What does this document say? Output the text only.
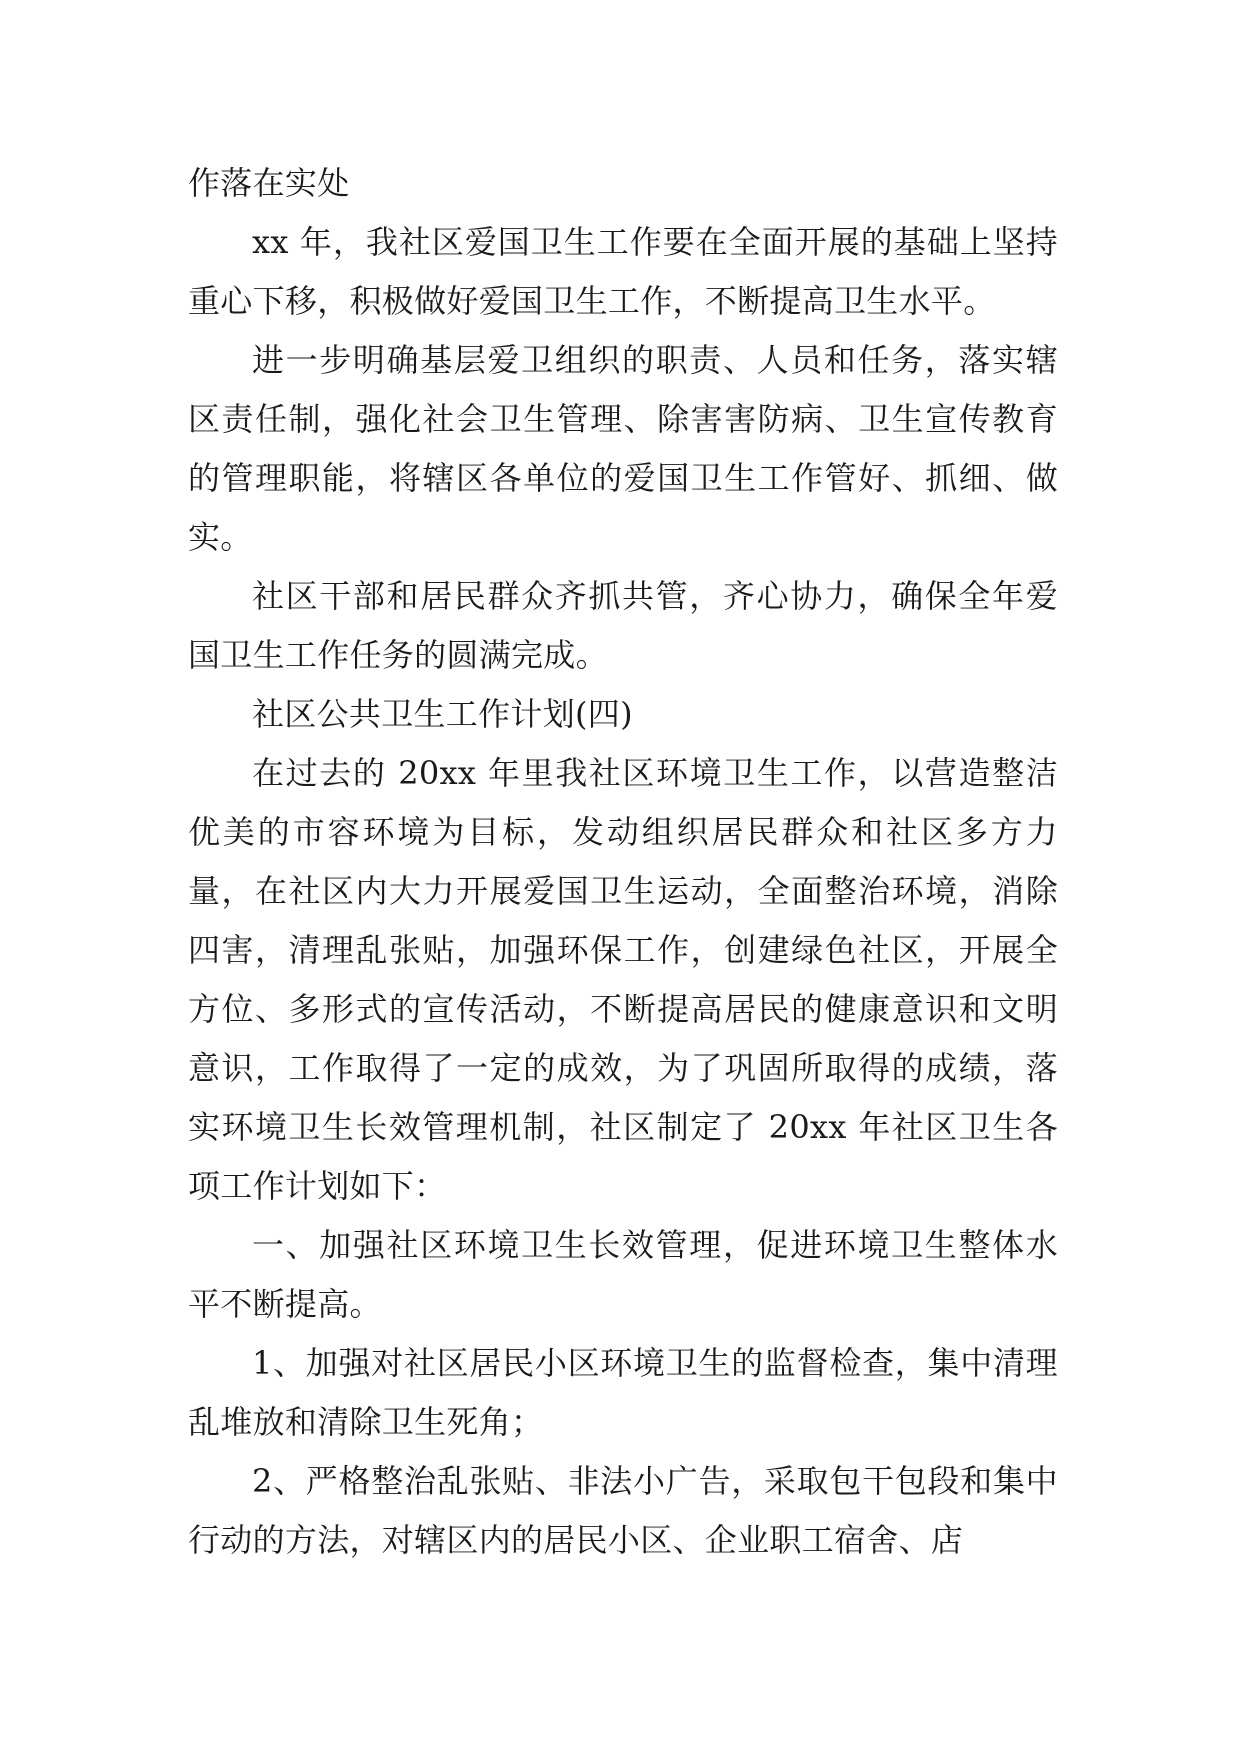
作落在实处

xx 年，我社区爱国卫生工作要在全面开展的基础上坚持重心下移，积极做好爱国卫生工作，不断提高卫生水平。

进一步明确基层爱卫组织的职责、人员和任务，落实辖区责任制，强化社会卫生管理、除害害防病、卫生宣传教育的管理职能，将辖区各单位的爱国卫生工作管好、抓细、做实。

社区干部和居民群众齐抓共管，齐心协力，确保全年爱国卫生工作任务的圆满完成。

社区公共卫生工作计划(四)

在过去的 20xx 年里我社区环境卫生工作，以营造整洁优美的市容环境为目标，发动组织居民群众和社区多方力量，在社区内大力开展爱国卫生运动，全面整治环境，消除四害，清理乱张贴，加强环保工作，创建绿色社区，开展全方位、多形式的宣传活动，不断提高居民的健康意识和文明意识，工作取得了一定的成效，为了巩固所取得的成绩，落实环境卫生长效管理机制，社区制定了 20xx 年社区卫生各项工作计划如下：

一、加强社区环境卫生长效管理，促进环境卫生整体水平不断提高。

1、加强对社区居民小区环境卫生的监督检查，集中清理乱堆放和清除卫生死角；

2、严格整治乱张贴、非法小广告，采取包干包段和集中行动的方法，对辖区内的居民小区、企业职工宿舍、店
